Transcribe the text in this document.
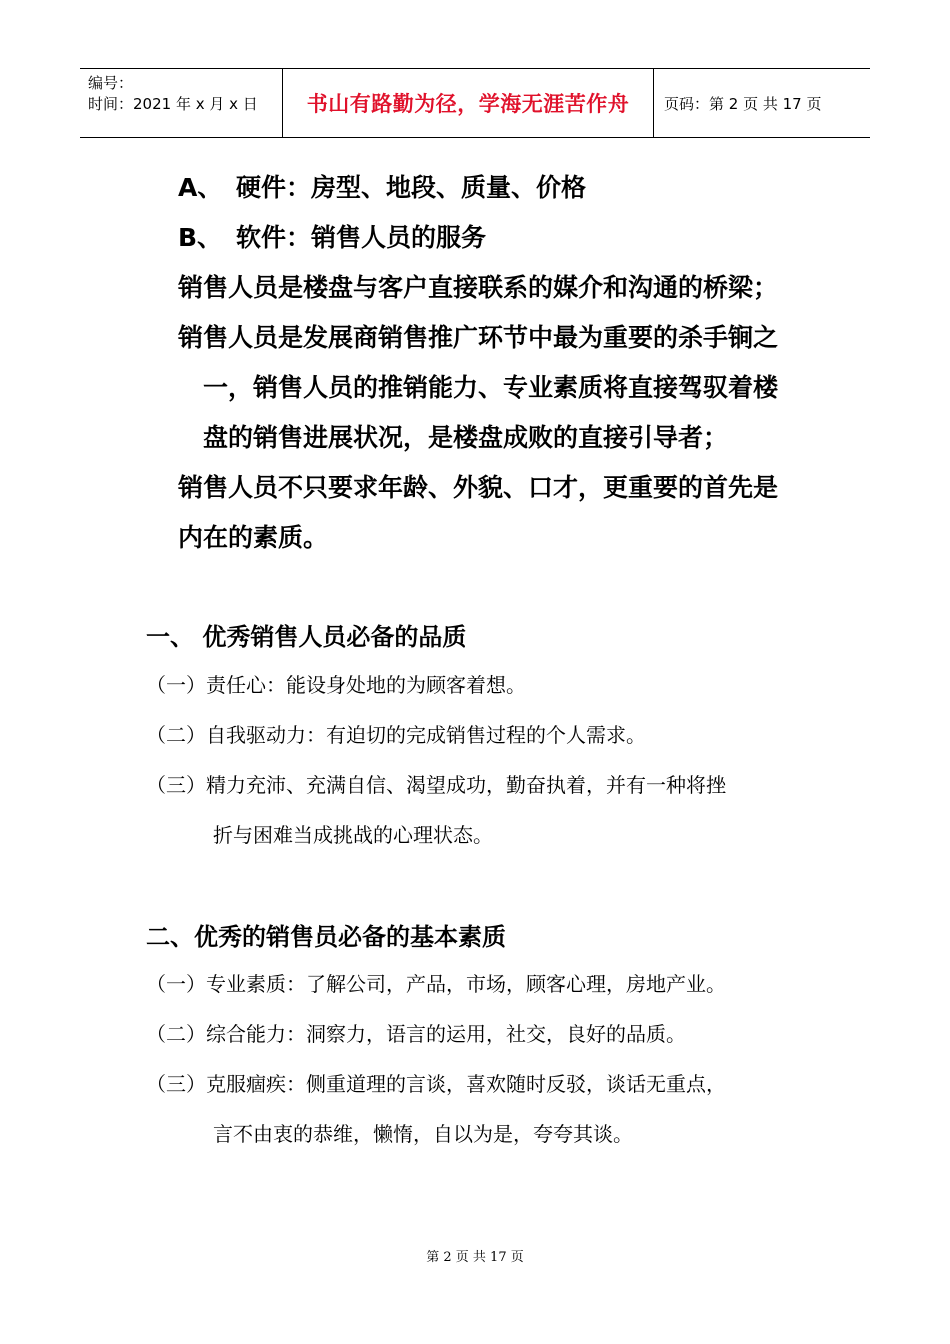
编号：
时间：2021 年 x 月 x 日	书山有路勤为径，学海无涯苦作舟 页码：第 2 页 共 17 页
A、 硬件：房型、地段、质量、价格
B、 软件：销售人员的服务
销售人员是楼盘与客户直接联系的媒介和沟通的桥梁；
销售人员是发展商销售推广环节中最为重要的杀手锏之
一，销售人员的推销能力、专业素质将直接驾驭着楼
盘的销售进展状况，是楼盘成败的直接引导者；
销售人员不只要求年龄、外貌、口才，更重要的首先是
内在的素质。
一、 优秀销售人员必备的品质
（一）责任心：能设身处地的为顾客着想。
（二）自我驱动力：有迫切的完成销售过程的个人需求。
（三）精力充沛、充满自信、渴望成功，勤奋执着，并有一种将挫
折与困难当成挑战的心理状态。
二、优秀的销售员必备的基本素质
（一）专业素质：了解公司，产品，市场，顾客心理，房地产业。
（二）综合能力：洞察力，语言的运用，社交，良好的品质。
（三）克服痼疾：侧重道理的言谈，喜欢随时反驳，谈话无重点，
言不由衷的恭维，懒惰，自以为是，夸夸其谈。
第 2 页 共 17 页
